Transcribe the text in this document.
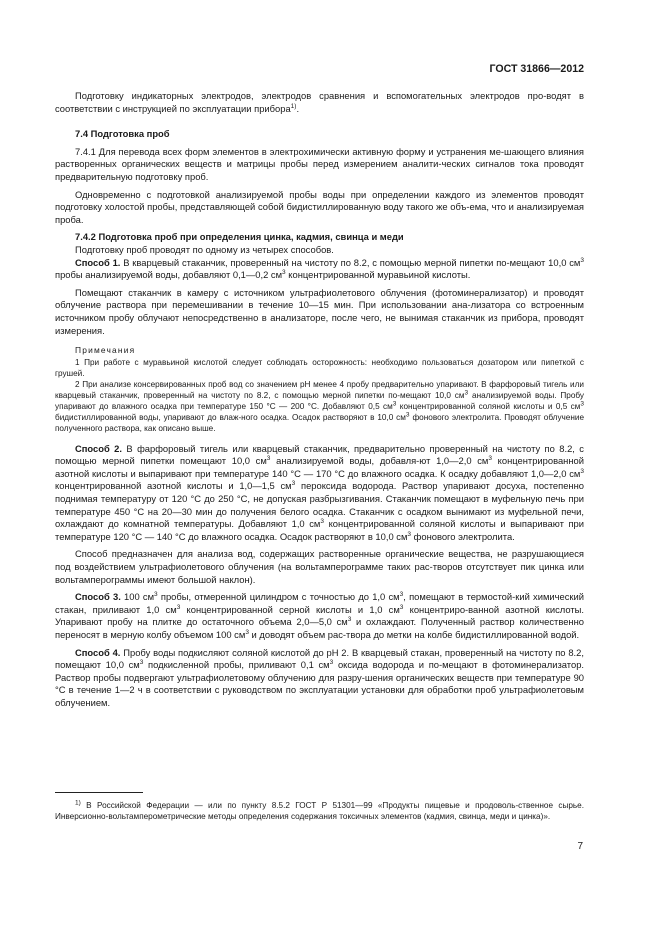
ГОСТ 31866—2012

Подготовку индикаторных электродов, электродов сравнения и вспомогательных электродов про-водят в соответствии с инструкцией по эксплуатации прибора$^{1)}$.

7.4 Подготовка проб

7.4.1 Для перевода всех форм элементов в электрохимически активную форму и устранения ме-шающего влияния растворенных органических веществ и матрицы пробы перед измерением аналити-ческих сигналов тока проводят предварительную подготовку проб.

Одновременно с подготовкой анализируемой пробы воды при определении каждого из элементов проводят подготовку холостой пробы, представляющей собой бидистиллированную воду такого же объ-ема, что и анализируемая проба.

7.4.2 Подготовка проб при определения цинка, кадмия, свинца и меди

Подготовку проб проводят по одному из четырех способов.

Способ 1. В кварцевый стаканчик, проверенный на чистоту по 8.2, с помощью мерной пипетки по-мещают 10,0 $см^3$ пробы анализируемой воды, добавляют 0,1—0,2 $см^3$ концентрированной муравьиной кислоты.

Помещают стаканчик в камеру с источником ультрафиолетового облучения (фотоминерализатор) и проводят облучение раствора при перемешивании в течение 10—15 мин. При использовании ана-лизатора со встроенным источником пробу облучают непосредственно в анализаторе, после чего, не вынимая стаканчик из прибора, проводят измерения.

Примечания

1 При работе с муравьиной кислотой следует соблюдать осторожность: необходимо пользоваться дозатором или пипеткой с грушей.

2 При анализе консервированных проб вод со значением pH менее 4 пробу предварительно упаривают. В фарфоровый тигель или кварцевый стаканчик, проверенный на чистоту по 8.2, с помощью мерной пипетки по-мещают 10,0 $см^3$ анализируемой воды. Пробу упаривают до влажного осадка при температуре 150 °С — 200 °С. Добавляют 0,5 $см^3$ концентрированной соляной кислоты и 0,5 $см^3$ бидистиллированной воды, упаривают до влаж-ного осадка. Осадок растворяют в 10,0 $см^3$ фонового электролита. Проводят облучение полученного раствора, как описано выше.

Способ 2. В фарфоровый тигель или кварцевый стаканчик, предварительно проверенный на чистоту по 8.2, с помощью мерной пипетки помещают 10,0 $см^3$ анализируемой воды, добавля-ют 1,0—2,0 $см^3$ концентрированной азотной кислоты и выпаривают при температуре 140 °С — 170 °С до влажного осадка. К осадку добавляют 1,0—2,0 $см^3$ концентрированной азотной кислоты и 1,0—1,5 $см^3$ пероксида водорода. Раствор упаривают досуха, постепенно поднимая температуру от 120 °С до 250 °С, не допуская разбрызгивания. Стаканчик помещают в муфельную печь при температуре 450 °С на 20—30 мин до получения белого осадка. Стаканчик с осадком вынимают из муфельной печи, охлаждают до комнатной температуры. Добавляют 1,0 $см^3$ концентрированной соляной кислоты и выпаривают при температуре 120 °С — 140 °С до влажного осадка. Осадок растворяют в 10,0 $см^3$ фонового электролита.

Способ предназначен для анализа вод, содержащих растворенные органические вещества, не разрушающиеся под воздействием ультрафиолетового облучения (на вольтамперограмме таких рас-творов отсутствует пик цинка или вольтамперограммы имеют большой наклон).

Способ 3. 100 $см^3$ пробы, отмеренной цилиндром с точностью до 1,0 $см^3$, помещают в термостой-кий химический стакан, приливают 1,0 $см^3$ концентрированной серной кислоты и 1,0 $см^3$ концентриро-ванной азотной кислоты. Упаривают пробу на плитке до остаточного объема 2,0—5,0 $см^3$ и охлаждают. Полученный раствор количественно переносят в мерную колбу объемом 100 $см^3$ и доводят объем рас-твора до метки на колбе бидистиллированной водой.

Способ 4. Пробу воды подкисляют соляной кислотой до pH 2. В кварцевый стакан, проверенный на чистоту по 8.2, помещают 10,0 $см^3$ подкисленной пробы, приливают 0,1 $см^3$ оксида водорода и по-мещают в фотоминерализатор. Раствор пробы подвергают ультрафиолетовому облучению для разру-шения органических веществ при температуре 90 °С в течение 1—2 ч в соответствии с руководством по эксплуатации установки для обработки проб ультрафиолетовым облучением.

$^{1)}$ В Российской Федерации — или по пункту 8.5.2 ГОСТ Р 51301—99 «Продукты пищевые и продоволь-ственное сырье. Инверсионно-вольтамперометрические методы определения содержания токсичных элементов (кадмия, свинца, меди и цинка)».

7
